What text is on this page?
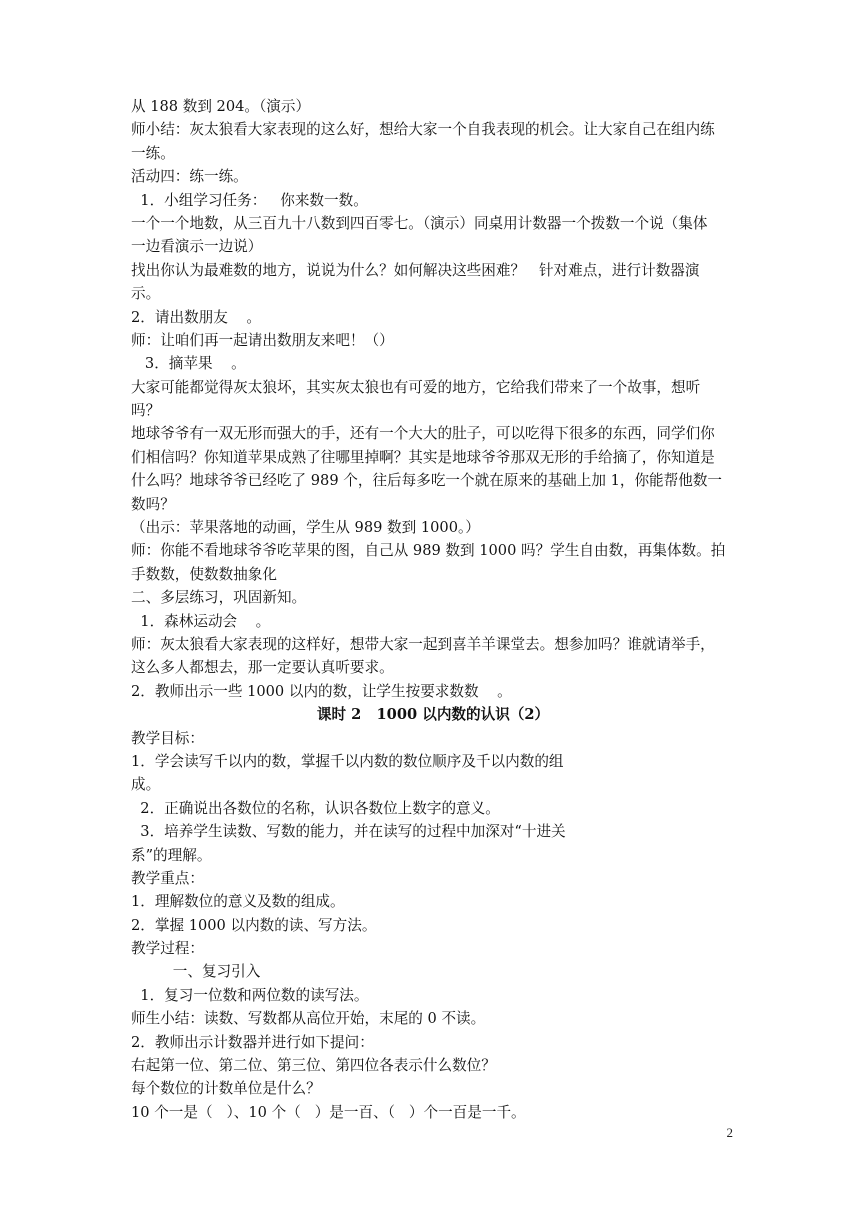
从 188 数到 204。（演示）

师小结：灰太狼看大家表现的这么好，想给大家一个自我表现的机会。让大家自己在组内练

一练。

活动四：练一练。

1．小组学习任务：   你来数一数。

一个一个地数，从三百九十八数到四百零七。（演示）同桌用计数器一个拨数一个说（集体

一边看演示一边说）

找出你认为最难数的地方，说说为什么？如何解决这些困难？   针对难点，进行计数器演

示。

2．请出数朋友    。

师：让咱们再一起请出数朋友来吧！（）

3．摘苹果    。

大家可能都觉得灰太狼坏，其实灰太狼也有可爱的地方，它给我们带来了一个故事，想听

吗？

地球爷爷有一双无形而强大的手，还有一个大大的肚子，可以吃得下很多的东西，同学们你

们相信吗？你知道苹果成熟了往哪里掉啊？其实是地球爷爷那双无形的手给摘了，你知道是

什么吗？地球爷爷已经吃了 989 个，往后每多吃一个就在原来的基础上加 1，你能帮他数一

数吗？

（出示：苹果落地的动画，学生从 989 数到 1000。）

师：你能不看地球爷爷吃苹果的图，自己从 989 数到 1000 吗？学生自由数，再集体数。拍

手数数，使数数抽象化

二、多层练习，巩固新知。

1．森林运动会    。

师：灰太狼看大家表现的这样好，想带大家一起到喜羊羊课堂去。想参加吗？谁就请举手，

这么多人都想去，那一定要认真听要求。

2．教师出示一些 1000 以内的数，让学生按要求数数    。

课时 2   1000 以内数的认识（2）

教学目标：

1．学会读写千以内的数，掌握千以内数的数位顺序及千以内数的组

成。

2．正确说出各数位的名称，认识各数位上数字的意义。

3．培养学生读数、写数的能力，并在读写的过程中加深对“十进关

系”的理解。

教学重点：

1．理解数位的意义及数的组成。

2．掌握 1000 以内数的读、写方法。

教学过程：

一、复习引入

1．复习一位数和两位数的读写法。

师生小结：读数、写数都从高位开始，末尾的 0 不读。

2．教师出示计数器并进行如下提问：

右起第一位、第二位、第三位、第四位各表示什么数位？

每个数位的计数单位是什么？

10 个一是（   ）、10 个（   ）是一百、（   ）个一百是一千。

2
